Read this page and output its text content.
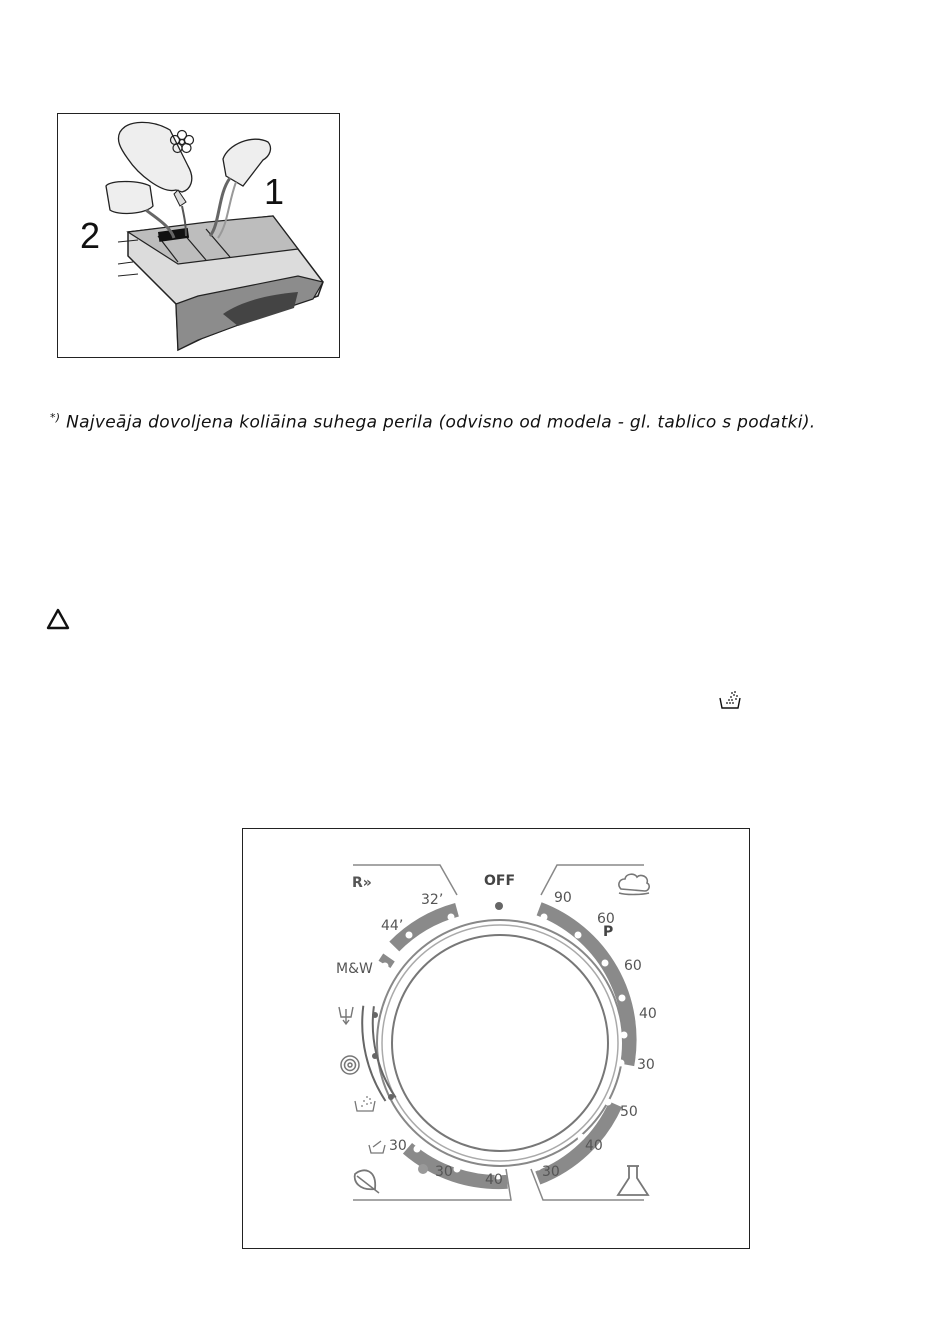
1
2
*) Najveāja dovoljena koliāina suhega perila (odvisno od modela - gl. tablico s podatki).
OFF
R»
32’
44’
M&W
90
60
P
60
40
30
50
40
30
40
30
30
